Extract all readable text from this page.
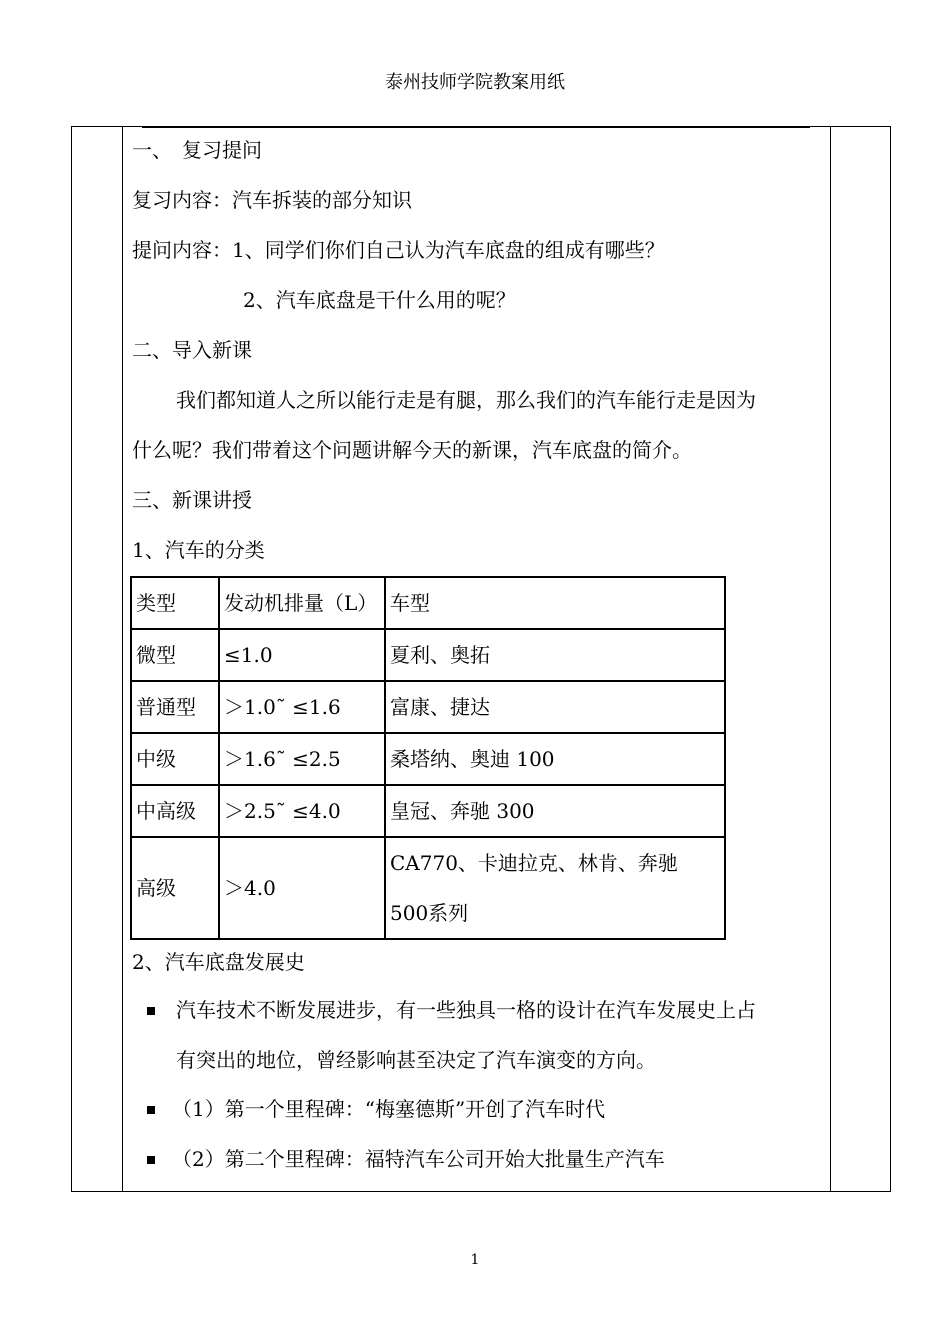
泰州技师学院教案用纸
一、　复习提问
复习内容：汽车拆装的部分知识
提问内容：1、同学们你们自己认为汽车底盘的组成有哪些？
2、汽车底盘是干什么用的呢？
二、导入新课
我们都知道人之所以能行走是有腿，那么我们的汽车能行走是因为
什么呢？我们带着这个问题讲解今天的新课，汽车底盘的简介。
三、新课讲授
1、汽车的分类
类型	发动机排量（L）	车型
微型	≤1.0	夏利、奥拓
普通型	＞1.0˜ ≤1.6	富康、捷达
中级	＞1.6˜ ≤2.5	桑塔纳、奥迪 100
中高级	＞2.5˜ ≤4.0	皇冠、奔驰 300
高级	＞4.0	CA770、卡迪拉克、林肯、奔驰 500系列
2、汽车底盘发展史
汽车技术不断发展进步，有一些独具一格的设计在汽车发展史上占
有突出的地位，曾经影响甚至决定了汽车演变的方向。
（1）第一个里程碑：“梅塞德斯”开创了汽车时代
（2）第二个里程碑：福特汽车公司开始大批量生产汽车
1
